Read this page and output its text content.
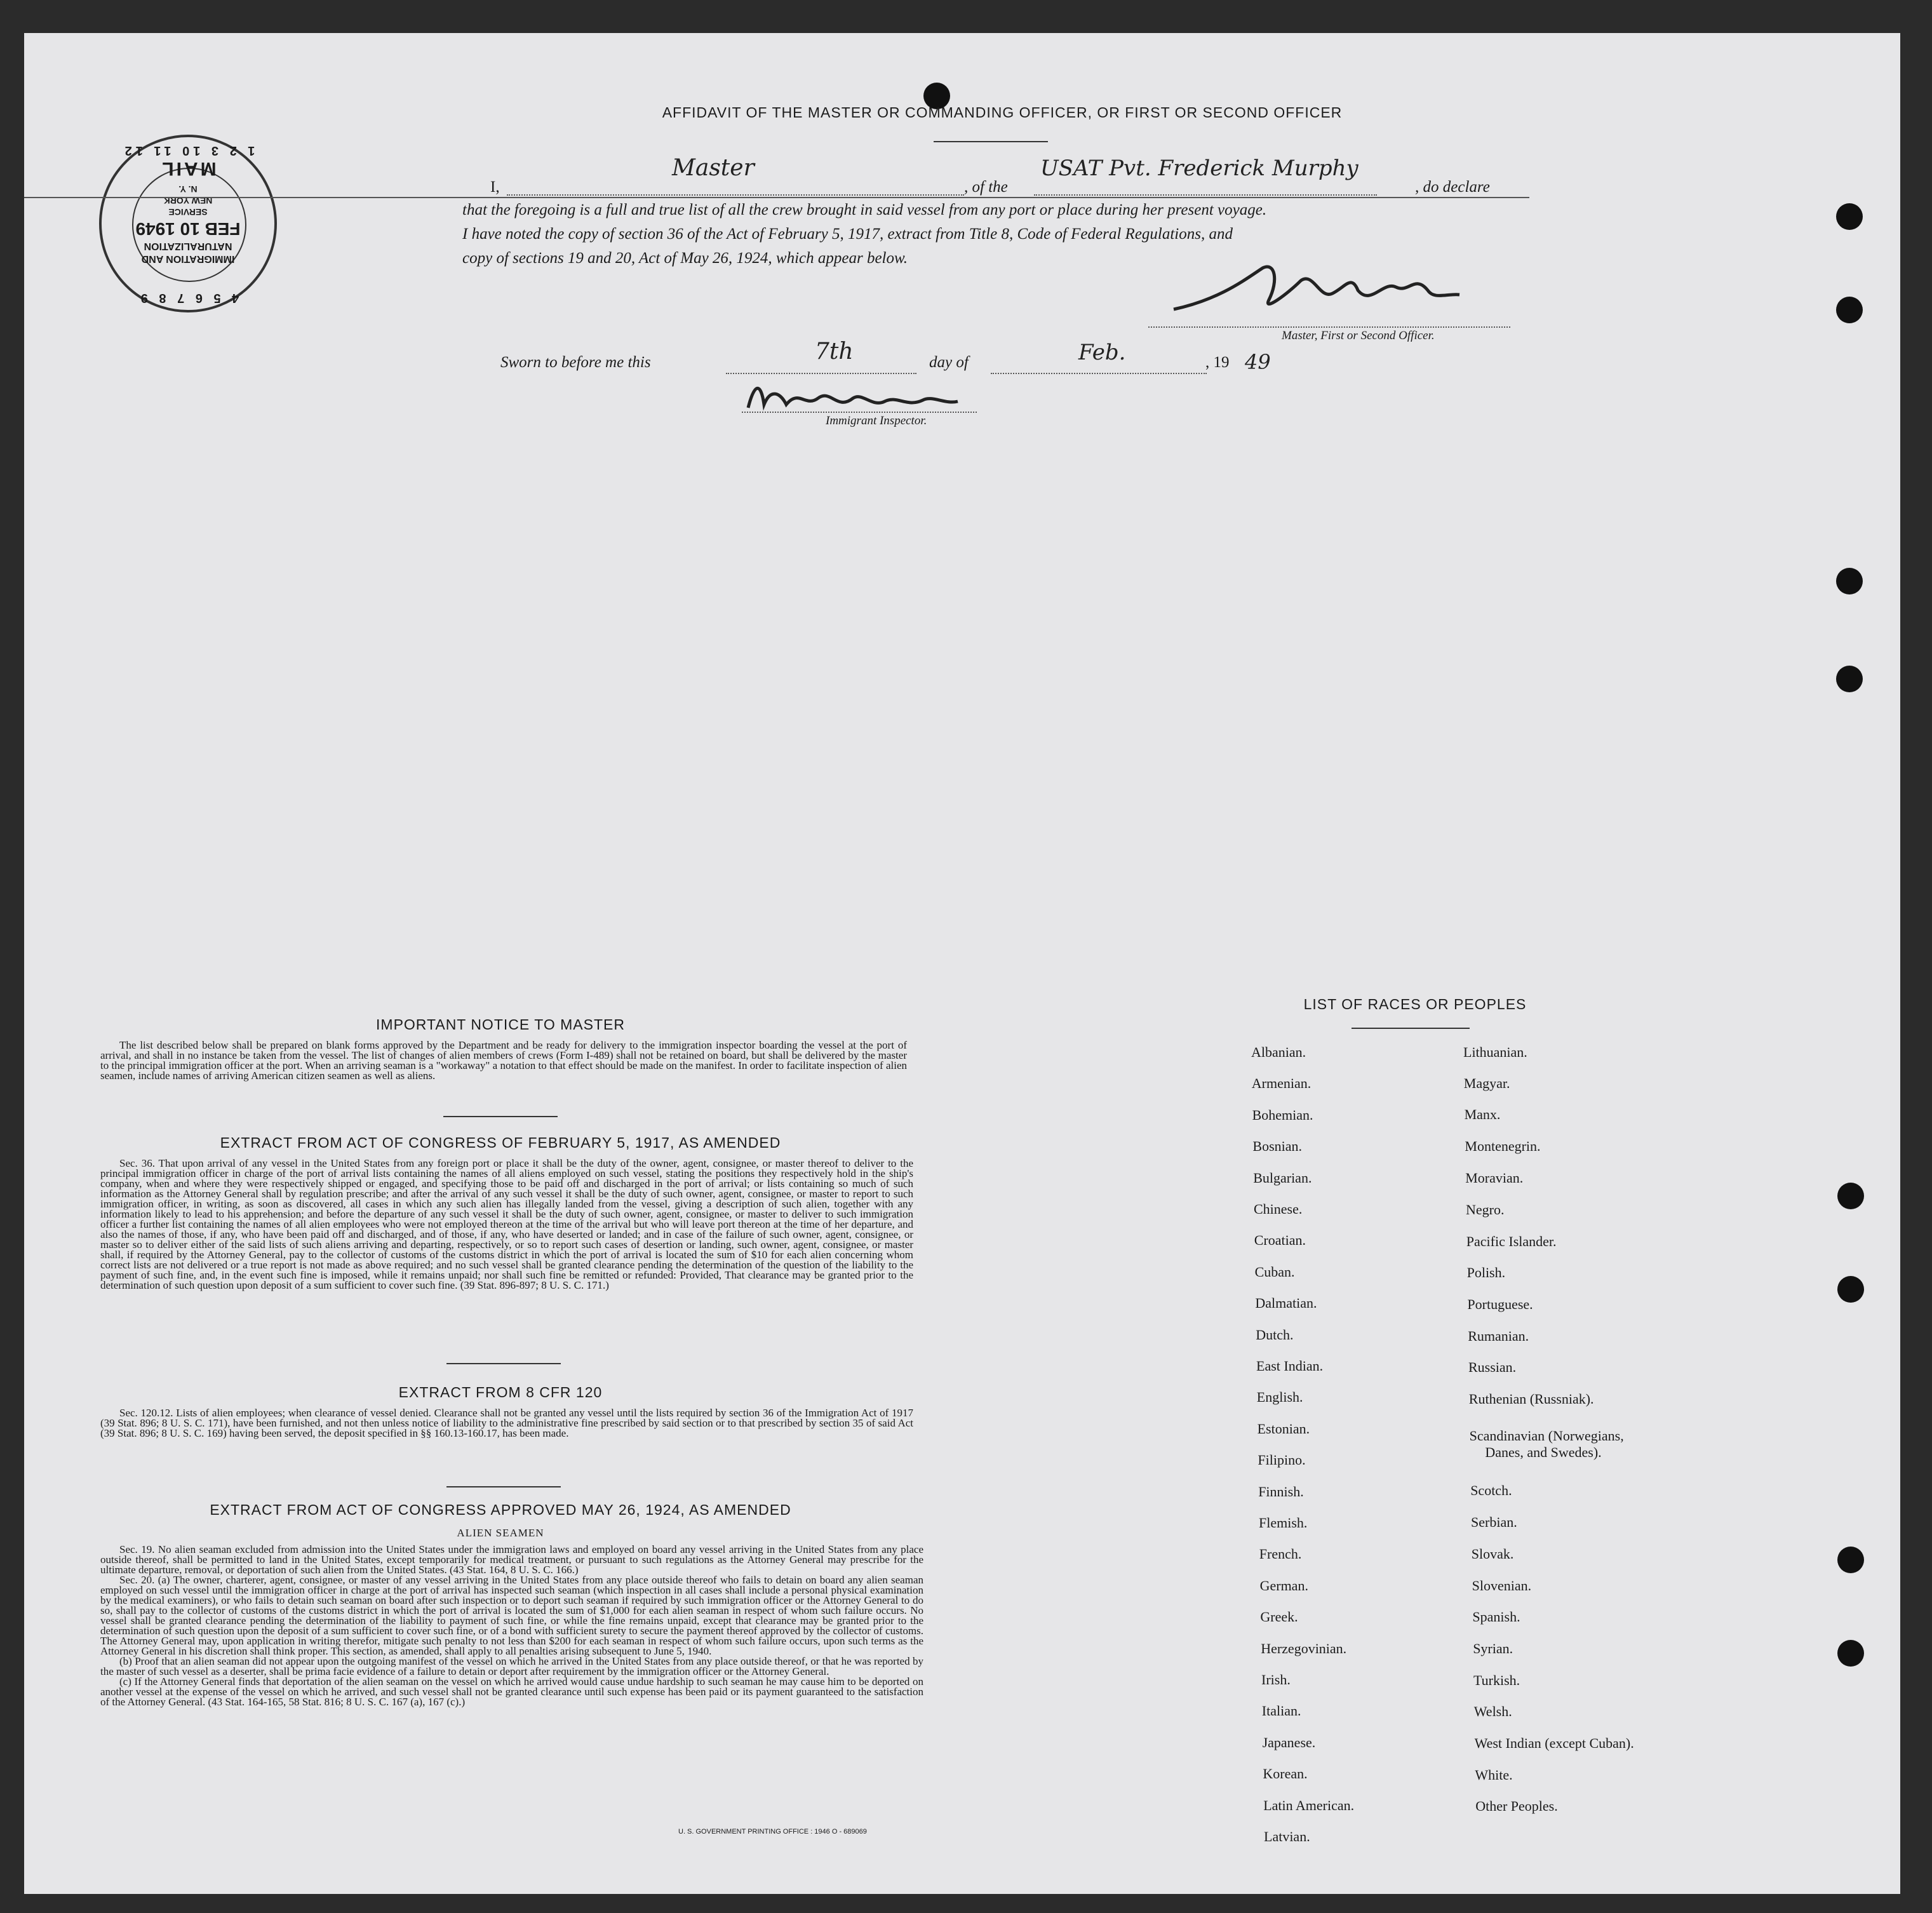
IMMIGRATION AND
NATURALIZATION
FEB 10 1949
SERVICE
NEW YORK
N. Y.
MAIL
4 5 6 7 8 9
1 2 3 10 11 12
AFFIDAVIT OF THE MASTER OR COMMANDING OFFICER, OR FIRST OR SECOND OFFICER
I,
Master
, of the
USAT Pvt. Frederick Murphy
, do declare
that the foregoing is a full and true list of all the crew brought in said vessel from any port or place during her present voyage.
I have noted the copy of section 36 of the Act of February 5, 1917, extract from Title 8, Code of Federal Regulations, and
copy of sections 19 and 20, Act of May 26, 1924, which appear below.
Master, First or Second Officer.
Sworn to before me this	7th	day of	Feb.	, 19 49
Immigrant Inspector.
IMPORTANT NOTICE TO MASTER

The list described below shall be prepared on blank forms approved by the Department and be ready for delivery to the immigration inspector boarding the vessel at the port of arrival, and shall in no instance be taken from the vessel. The list of changes of alien members of crews (Form I-489) shall not be retained on board, but shall be delivered by the master to the principal immigration officer at the port. When an arriving seaman is a "workaway" a notation to that effect should be made on the manifest. In order to facilitate inspection of alien seamen, include names of arriving American citizen seamen as well as aliens.

EXTRACT FROM ACT OF CONGRESS OF FEBRUARY 5, 1917, AS AMENDED

Sec. 36. That upon arrival of any vessel in the United States from any foreign port or place it shall be the duty of the owner, agent, consignee, or master thereof to deliver to the principal immigration officer in charge of the port of arrival lists containing the names of all aliens employed on such vessel, stating the positions they respectively hold in the ship's company, when and where they were respectively shipped or engaged, and specifying those to be paid off and discharged in the port of arrival; or lists containing so much of such information as the Attorney General shall by regulation prescribe; and after the arrival of any such vessel it shall be the duty of such owner, agent, consignee, or master to report to such immigration officer, in writing, as soon as discovered, all cases in which any such alien has illegally landed from the vessel, giving a description of such alien, together with any information likely to lead to his apprehension; and before the departure of any such vessel it shall be the duty of such owner, agent, consignee, or master to deliver to such immigration officer a further list containing the names of all alien employees who were not employed thereon at the time of the arrival but who will leave port thereon at the time of her departure, and also the names of those, if any, who have been paid off and discharged, and of those, if any, who have deserted or landed; and in case of the failure of such owner, agent, consignee, or master so to deliver either of the said lists of such aliens arriving and departing, respectively, or so to report such cases of desertion or landing, such owner, agent, consignee, or master shall, if required by the Attorney General, pay to the collector of customs of the customs district in which the port of arrival is located the sum of $10 for each alien concerning whom correct lists are not delivered or a true report is not made as above required; and no such vessel shall be granted clearance pending the determination of the question of the liability to the payment of such fine, and, in the event such fine is imposed, while it remains unpaid; nor shall such fine be remitted or refunded: Provided, That clearance may be granted prior to the determination of such question upon deposit of a sum sufficient to cover such fine. (39 Stat. 896-897; 8 U. S. C. 171.)

EXTRACT FROM 8 CFR 120

Sec. 120.12. Lists of alien employees; when clearance of vessel denied. Clearance shall not be granted any vessel until the lists required by section 36 of the Immigration Act of 1917 (39 Stat. 896; 8 U. S. C. 171), have been furnished, and not then unless notice of liability to the administrative fine prescribed by said section or to that prescribed by section 35 of said Act (39 Stat. 896; 8 U. S. C. 169) having been served, the deposit specified in §§ 160.13-160.17, has been made.

EXTRACT FROM ACT OF CONGRESS APPROVED MAY 26, 1924, AS AMENDED
ALIEN SEAMEN

Sec. 19. No alien seaman excluded from admission into the United States under the immigration laws and employed on board any vessel arriving in the United States from any place outside thereof, shall be permitted to land in the United States, except temporarily for medical treatment, or pursuant to such regulations as the Attorney General may prescribe for the ultimate departure, removal, or deportation of such alien from the United States. (43 Stat. 164, 8 U. S. C. 166.)

Sec. 20. (a) The owner, charterer, agent, consignee, or master of any vessel arriving in the United States from any place outside thereof who fails to detain on board any alien seaman employed on such vessel until the immigration officer in charge at the port of arrival has inspected such seaman (which inspection in all cases shall include a personal physical examination by the medical examiners), or who fails to detain such seaman on board after such inspection or to deport such seaman if required by such immigration officer or the Attorney General to do so, shall pay to the collector of customs of the customs district in which the port of arrival is located the sum of $1,000 for each alien seaman in respect of whom such failure occurs. No vessel shall be granted clearance pending the determination of the liability to payment of such fine, or while the fine remains unpaid, except that clearance may be granted prior to the determination of such question upon the deposit of a sum sufficient to cover such fine, or of a bond with sufficient surety to secure the payment thereof approved by the collector of customs. The Attorney General may, upon application in writing therefor, mitigate such penalty to not less than $200 for each seaman in respect of whom such failure occurs, upon such terms as the Attorney General in his discretion shall think proper. This section, as amended, shall apply to all penalties arising subsequent to June 5, 1940.

(b) Proof that an alien seaman did not appear upon the outgoing manifest of the vessel on which he arrived in the United States from any place outside thereof, or that he was reported by the master of such vessel as a deserter, shall be prima facie evidence of a failure to detain or deport after requirement by the immigration officer or the Attorney General.

(c) If the Attorney General finds that deportation of the alien seaman on the vessel on which he arrived would cause undue hardship to such seaman he may cause him to be deported on another vessel at the expense of the vessel on which he arrived, and such vessel shall not be granted clearance until such expense has been paid or its payment guaranteed to the satisfaction of the Attorney General. (43 Stat. 164-165, 58 Stat. 816; 8 U. S. C. 167 (a), 167 (c).)

U. S. GOVERNMENT PRINTING OFFICE : 1946 O - 689069
LIST OF RACES OR PEOPLES
Albanian.
Armenian.
Bohemian.
Bosnian.
Bulgarian.
Chinese.
Croatian.
Cuban.
Dalmatian.
Dutch.
East Indian.
English.
Estonian.
Filipino.
Finnish.
Flemish.
French.
German.
Greek.
Herzegovinian.
Irish.
Italian.
Japanese.
Korean.
Latin American.
Latvian.
Lithuanian.
Magyar.
Manx.
Montenegrin.
Moravian.
Negro.
Pacific Islander.
Polish.
Portuguese.
Rumanian.
Russian.
Ruthenian (Russniak).
Scandinavian (Norwegians,
Danes, and Swedes).
Scotch.
Serbian.
Slovak.
Slovenian.
Spanish.
Syrian.
Turkish.
Welsh.
West Indian (except Cuban).
White.
Other Peoples.
